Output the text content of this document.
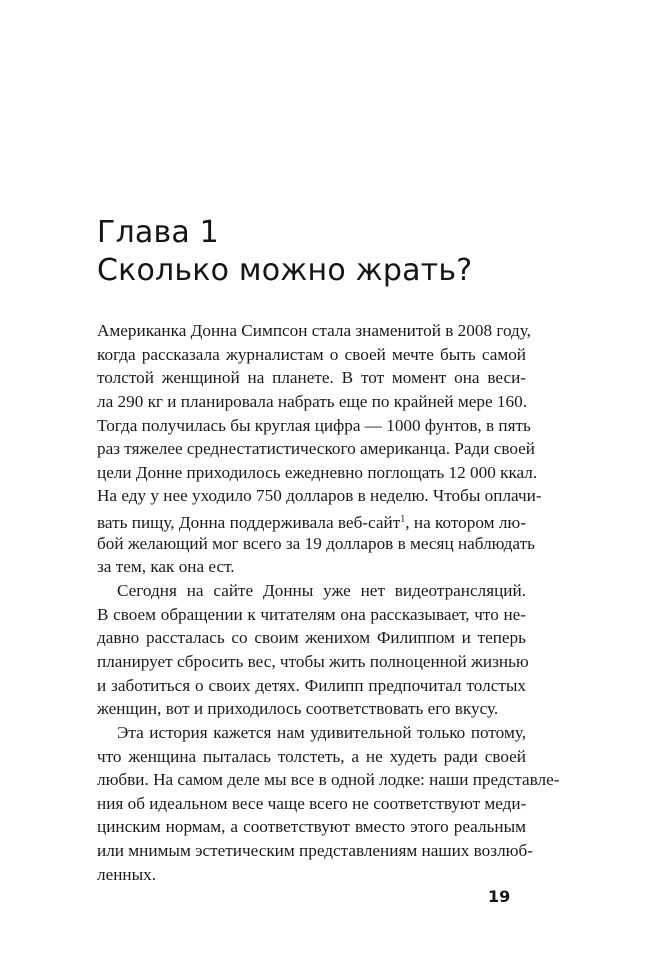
Глава 1
Сколько можно жрать?
Американка Донна Симпсон стала знаменитой в 2008 году,
когда рассказала журналистам о своей мечте быть самой
толстой женщиной на планете. В тот момент она веси-
ла 290 кг и планировала набрать еще по крайней мере 160.
Тогда получилась бы круглая цифра — 1000 фунтов, в пять
раз тяжелее среднестатистического американца. Ради своей
цели Донне приходилось ежедневно поглощать 12 000 ккал.
На еду у нее уходило 750 долларов в неделю. Чтобы оплачи-
вать пищу, Донна поддерживала веб-сайт$^1$, на котором лю-
бой желающий мог всего за 19 долларов в месяц наблюдать
за тем, как она ест.
Сегодня на сайте Донны уже нет видеотрансляций.
В своем обращении к читателям она рассказывает, что не-
давно рассталась со своим женихом Филиппом и теперь
планирует сбросить вес, чтобы жить полноценной жизнью
и заботиться о своих детях. Филипп предпочитал толстых
женщин, вот и приходилось соответствовать его вкусу.
Эта история кажется нам удивительной только потому,
что женщина пыталась толстеть, а не худеть ради своей
любви. На самом деле мы все в одной лодке: наши представле-
ния об идеальном весе чаще всего не соответствуют меди-
цинским нормам, а соответствуют вместо этого реальным
или мнимым эстетическим представлениям наших возлюб-
ленных.
19
